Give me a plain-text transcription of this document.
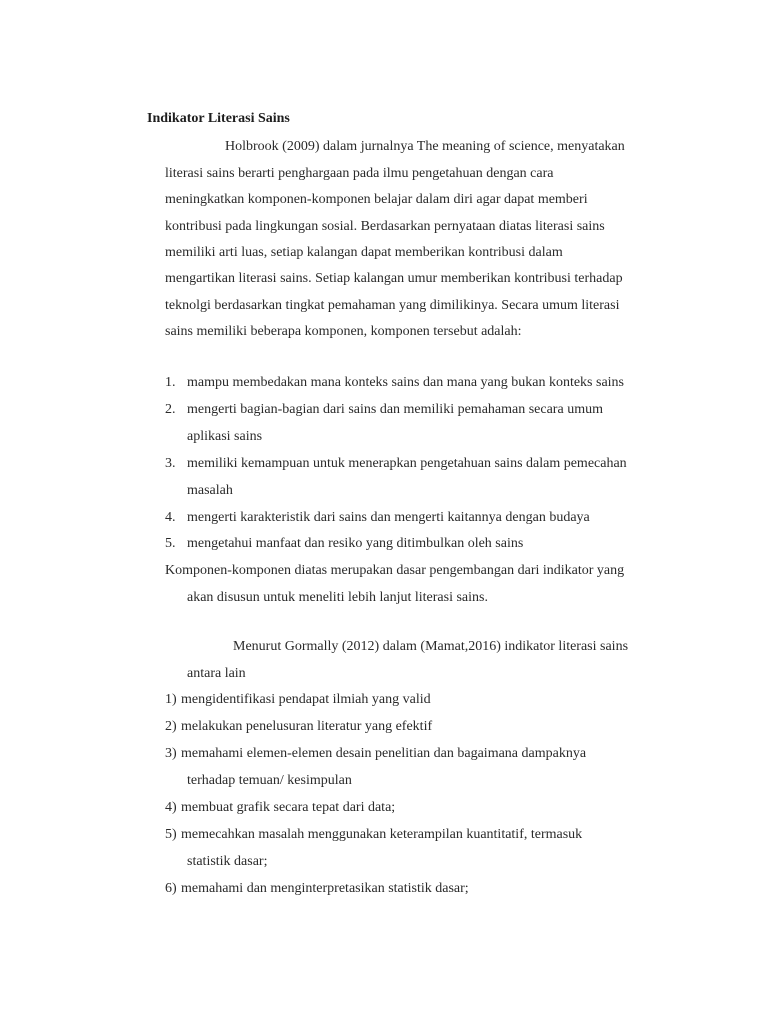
Indikator Literasi Sains
Holbrook (2009) dalam jurnalnya The meaning of science, menyatakan
literasi sains berarti penghargaan pada ilmu pengetahuan dengan cara
meningkatkan komponen-komponen belajar dalam diri agar dapat memberi
kontribusi pada lingkungan sosial. Berdasarkan pernyataan diatas literasi sains
memiliki arti luas, setiap kalangan dapat memberikan kontribusi dalam
mengartikan literasi sains. Setiap kalangan umur memberikan kontribusi terhadap
teknolgi berdasarkan tingkat pemahaman yang dimilikinya. Secara umum literasi
sains memiliki beberapa komponen, komponen tersebut adalah:
1. mampu membedakan mana konteks sains dan mana yang bukan konteks sains
2. mengerti bagian-bagian dari sains dan memiliki pemahaman secara umum
aplikasi sains
3. memiliki kemampuan untuk menerapkan pengetahuan sains dalam pemecahan
masalah
4. mengerti karakteristik dari sains dan mengerti kaitannya dengan budaya
5. mengetahui manfaat dan resiko yang ditimbulkan oleh sains
Komponen-komponen diatas merupakan dasar pengembangan dari indikator yang
akan disusun untuk meneliti lebih lanjut literasi sains.
Menurut Gormally (2012) dalam (Mamat,2016) indikator literasi sains
antara lain
1) mengidentifikasi pendapat ilmiah yang valid
2) melakukan penelusuran literatur yang efektif
3) memahami elemen-elemen desain penelitian dan bagaimana dampaknya
terhadap temuan/ kesimpulan
4) membuat grafik secara tepat dari data;
5) memecahkan masalah menggunakan keterampilan kuantitatif, termasuk
statistik dasar;
6) memahami dan menginterpretasikan statistik dasar;
